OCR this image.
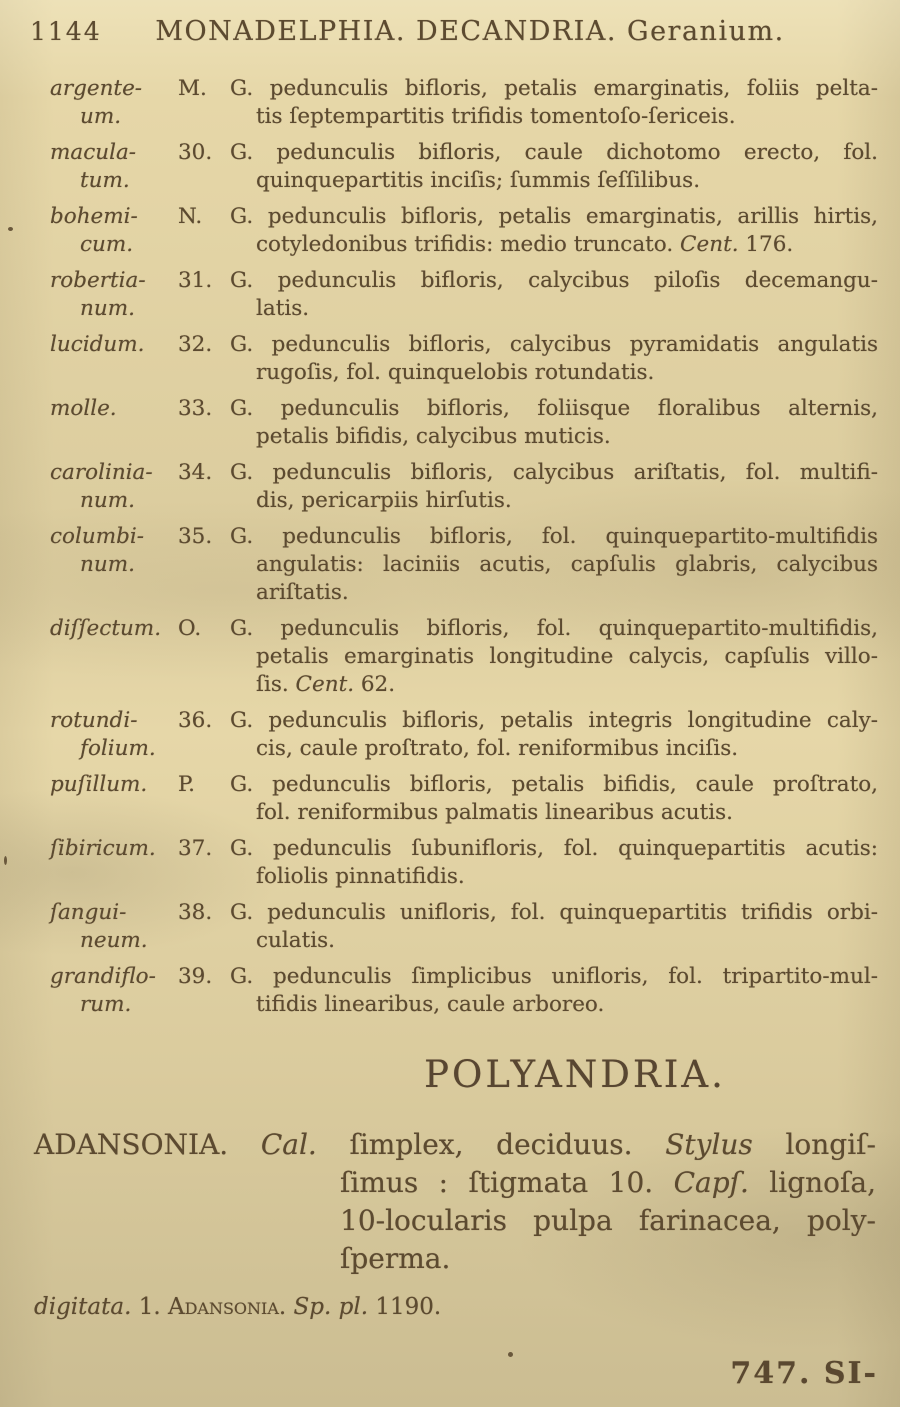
1144	MONADELPHIA. DECANDRIA. Geranium.
argente-
um.
M.	G. pedunculis bifloris, petalis emarginatis, foliis pelta-
tis ſeptempartitis trifidis tomentoſo-ſericeis.
macula-
tum.
30. G. pedunculis bifloris, caule dichotomo erecto, fol.
quinquepartitis inciſis; ſummis ſeſſilibus.
bohemi-
cum.
N.	G. pedunculis bifloris, petalis emarginatis, arillis hirtis,
cotyledonibus trifidis: medio truncato. Cent. 176.
robertia-
num.
31. G. pedunculis bifloris, calycibus piloſis decemangu-
latis.
lucidum.	32. G. pedunculis bifloris, calycibus pyramidatis angulatis
rugoſis, fol. quinquelobis rotundatis.
molle.	33. G. pedunculis bifloris, foliisque floralibus alternis,
petalis bifidis, calycibus muticis.
carolinia-
num.
34. G. pedunculis bifloris, calycibus ariſtatis, fol. multifi-
dis, pericarpiis hirſutis.
columbi-
num.
35. G. pedunculis bifloris, fol. quinquepartito-multifidis
angulatis: laciniis acutis, capſulis glabris, calycibus
ariſtatis.
diſſectum. O.	G. pedunculis bifloris, fol. quinquepartito-multifidis,
petalis emarginatis longitudine calycis, capſulis villo-
ſis. Cent. 62.
rotundi-
folium.
36. G. pedunculis bifloris, petalis integris longitudine caly-
cis, caule proſtrato, fol. reniformibus inciſis.
puſillum.	P.	G. pedunculis bifloris, petalis bifidis, caule proſtrato,
fol. reniformibus palmatis linearibus acutis.
ſibiricum.	37. G. pedunculis ſubunifloris, fol. quinquepartitis acutis:
foliolis pinnatifidis.
ſangui-
neum.
38. G. pedunculis unifloris, fol. quinquepartitis trifidis orbi-
culatis.
grandiflo-
rum.
39. G. pedunculis ſimplicibus unifloris, fol. tripartito-mul-
tifidis linearibus, caule arboreo.
POLYANDRIA.
ADANSONIA. Cal. ſimplex, deciduus. Stylus longiſ-
ſimus : ſtigmata 10. Capſ. lignoſa,
10-locularis pulpa farinacea, poly-
ſperma.
digitata. 1. Adansonia. Sp. pl. 1190.
747. SI-
